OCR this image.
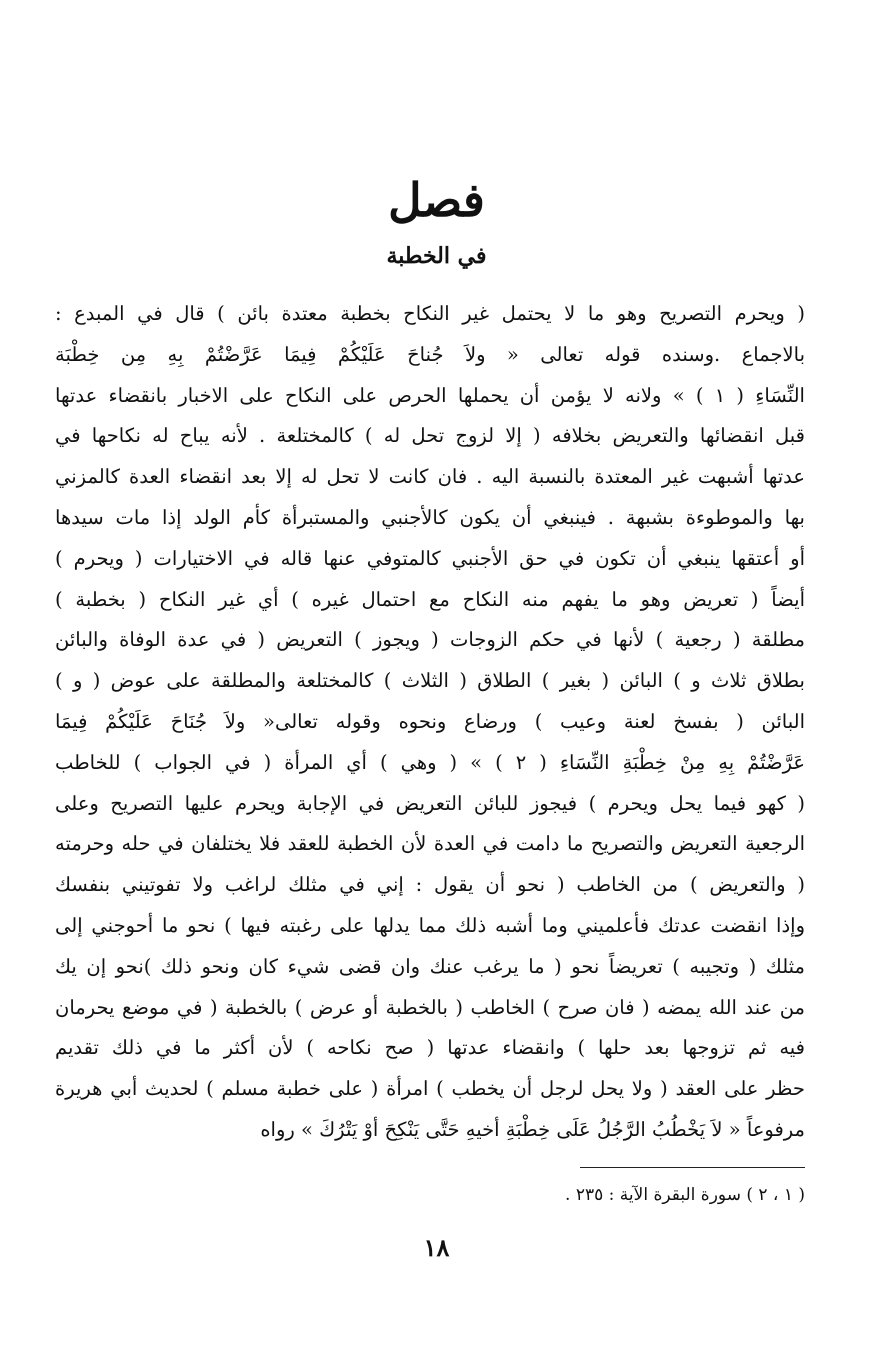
فصل
في الخطبة
( ويحرم التصريح وهو ما لا يحتمل غير النكاح بخطبة معتدة بائن ) قال في المبدع :
بالاجماع .وسنده قوله تعالى « ولاَ جُناحَ عَلَيْكُمْ فِيمَا عَرَّضْتُمْ بِهِ مِن خِطْبَة
النِّسَاءِ ( ١ ) » ولانه لا يؤمن أن يحملها الحرص على النكاح على الاخبار بانقضاء عدتها
قبل انقضائها والتعريض بخلافه ( إلا لزوج تحل له ) كالمختلعة . لأنه يباح له نكاحها في
عدتها أشبهت غير المعتدة بالنسبة اليه . فان كانت لا تحل له إلا بعد انقضاء العدة كالمزني
بها والموطوءة بشبهة . فينبغي أن يكون كالأجنبي والمستبرأة كأم الولد إذا مات سيدها
أو أعتقها ينبغي أن تكون في حق الأجنبي كالمتوفي عنها قاله في الاختيارات ( ويحرم )
أيضاً ( تعريض وهو ما يفهم منه النكاح مع احتمال غيره ) أي غير النكاح ( بخطبة )
مطلقة ( رجعية ) لأنها في حكم الزوجات ( ويجوز ) التعريض ( في عدة الوفاة والبائن
بطلاق ثلاث و ) البائن ( بغير ) الطلاق ( الثلاث ) كالمختلعة والمطلقة على عوض ( و )
البائن ( بفسخ لعنة وعيب ) ورضاع ونحوه وقوله تعالى« ولاَ جُنَاحَ عَلَيْكُمْ فِيمَا
عَرَّضْتُمْ بِهِ مِنْ خِطْبَةِ النِّسَاءِ ( ٢ ) » ( وهي ) أي المرأة ( في الجواب ) للخاطب
( كهو فيما يحل ويحرم ) فيجوز للبائن التعريض في الإجابة ويحرم عليها التصريح وعلى
الرجعية التعريض والتصريح ما دامت في العدة لأن الخطبة للعقد فلا يختلفان في حله وحرمته
( والتعريض ) من الخاطب ( نحو أن يقول : إني في مثلك لراغب ولا تفوتيني بنفسك
وإذا انقضت عدتك فأعلميني وما أشبه ذلك مما يدلها على رغبته فيها ) نحو ما أحوجني إلى
مثلك ( وتجيبه ) تعريضاً نحو ( ما يرغب عنك وان قضى شيء كان ونحو ذلك )نحو إن يك
من عند الله يمضه ( فان صرح ) الخاطب ( بالخطبة أو عرض ) بالخطبة ( في موضع يحرمان
فيه ثم تزوجها بعد حلها ) وانقضاء عدتها ( صح نكاحه ) لأن أكثر ما في ذلك تقديم
حظر على العقد ( ولا يحل لرجل أن يخطب ) امرأة ( على خطبة مسلم ) لحديث أبي هريرة
مرفوعاً « لاَ يَخْطُبُ الرَّجُلُ عَلَى خِطْبَةِ أخيهِ حَتَّى يَنْكِحَ أوْ يَتْرُكَ » رواه

( ١ ، ٢ ) سورة البقرة الآية : ٢٣٥ .

١٨
